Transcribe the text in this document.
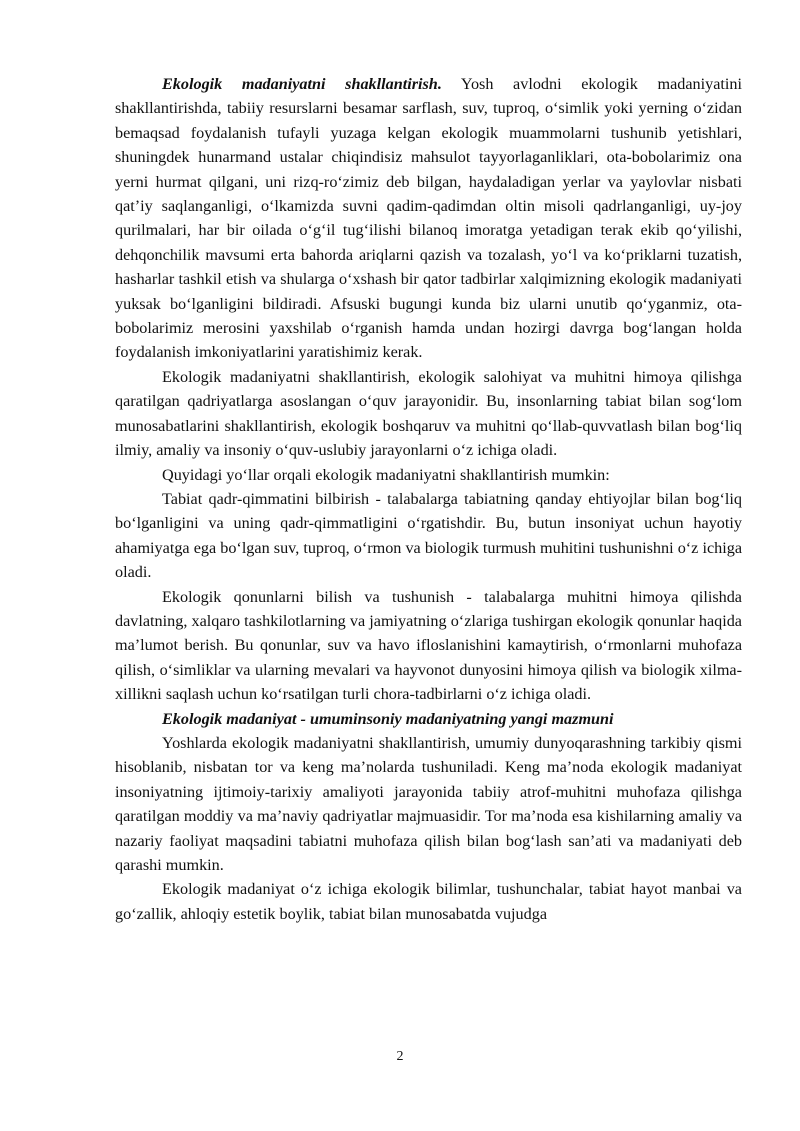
Ekologik madaniyatni shakllantirish. Yosh avlodni ekologik madaniyatini shakllantirishda, tabiiy resurslarni besamar sarflash, suv, tuproq, o‘simlik yoki yerning o‘zidan bemaqsad foydalanish tufayli yuzaga kelgan ekologik muammolarni tushunib yetishlari, shuningdek hunarmand ustalar chiqindisiz mahsulot tayyorlaganliklari, ota-bobolarimiz ona yerni hurmat qilgani, uni rizq-ro‘zimiz deb bilgan, haydaladigan yerlar va yaylovlar nisbati qat’iy saqlanganligi, o‘lkamizda suvni qadim-qadimdan oltin misoli qadrlanganligi, uy-joy qurilmalari, har bir oilada o‘g‘il tug‘ilishi bilanoq imoratga yetadigan terak ekib qo‘yilishi, dehqonchilik mavsumi erta bahorda ariqlarni qazish va tozalash, yo‘l va ko‘priklarni tuzatish, hasharlar tashkil etish va shularga o‘xshash bir qator tadbirlar xalqimizning ekologik madaniyati yuksak bo‘lganligini bildiradi. Afsuski bugungi kunda biz ularni unutib qo‘yganmiz, ota-bobolarimiz merosini yaxshilab o‘rganish hamda undan hozirgi davrga bog‘langan holda foydalanish imkoniyatlarini yaratishimiz kerak.

Ekologik madaniyatni shakllantirish, ekologik salohiyat va muhitni himoya qilishga qaratilgan qadriyatlarga asoslangan o‘quv jarayonidir. Bu, insonlarning tabiat bilan sog‘lom munosabatlarini shakllantirish, ekologik boshqaruv va muhitni qo‘llab-quvvatlash bilan bog‘liq ilmiy, amaliy va insoniy o‘quv-uslubiy jarayonlarni o‘z ichiga oladi.

Quyidagi yo‘llar orqali ekologik madaniyatni shakllantirish mumkin:

Tabiat qadr-qimmatini bilbirish - talabalarga tabiatning qanday ehtiyojlar bilan bog‘liq bo‘lganligini va uning qadr-qimmatligini o‘rgatishdir. Bu, butun insoniyat uchun hayotiy ahamiyatga ega bo‘lgan suv, tuproq, o‘rmon va biologik turmush muhitini tushunishni o‘z ichiga oladi.

Ekologik qonunlarni bilish va tushunish - talabalarga muhitni himoya qilishda davlatning, xalqaro tashkilotlarning va jamiyatning o‘zlariga tushirgan ekologik qonunlar haqida ma’lumot berish. Bu qonunlar, suv va havo ifloslanishini kamaytirish, o‘rmonlarni muhofaza qilish, o‘simliklar va ularning mevalari va hayvonot dunyosini himoya qilish va biologik xilma-xillikni saqlash uchun ko‘rsatilgan turli chora-tadbirlarni o‘z ichiga oladi.

Ekologik madaniyat - umuminsoniy madaniyatning yangi mazmuni

Yoshlarda ekologik madaniyatni shakllantirish, umumiy dunyoqarashning tarkibiy qismi hisoblanib, nisbatan tor va keng ma’nolarda tushuniladi. Keng ma’noda ekologik madaniyat insoniyatning ijtimoiy-tarixiy amaliyoti jarayonida tabiiy atrof-muhitni muhofaza qilishga qaratilgan moddiy va ma’naviy qadriyatlar majmuasidir. Tor ma’noda esa kishilarning amaliy va nazariy faoliyat maqsadini tabiatni muhofaza qilish bilan bog‘lash san’ati va madaniyati deb qarashi mumkin.

Ekologik madaniyat o‘z ichiga ekologik bilimlar, tushunchalar, tabiat hayot manbai va go‘zallik, ahloqiy estetik boylik, tabiat bilan munosabatda vujudga

2
